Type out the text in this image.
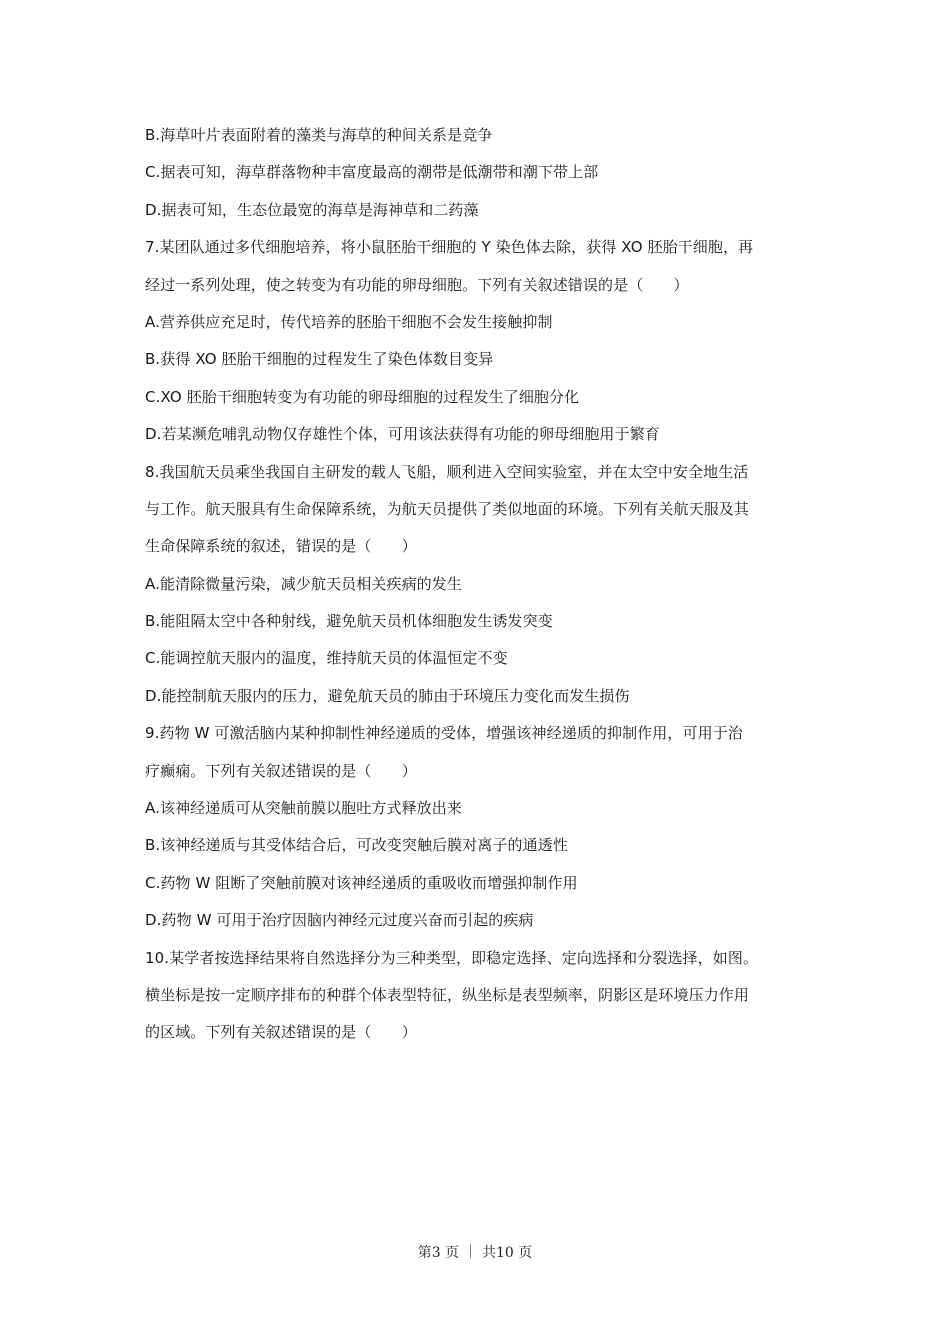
B.海草叶片表面附着的藻类与海草的种间关系是竞争
C.据表可知，海草群落物种丰富度最高的潮带是低潮带和潮下带上部
D.据表可知，生态位最宽的海草是海神草和二药藻
7.某团队通过多代细胞培养，将小鼠胚胎干细胞的 Y 染色体去除，获得 XO 胚胎干细胞，再
经过一系列处理，使之转变为有功能的卵母细胞。下列有关叙述错误的是（　　）
A.营养供应充足时，传代培养的胚胎干细胞不会发生接触抑制
B.获得 XO 胚胎干细胞的过程发生了染色体数目变异
C.XO 胚胎干细胞转变为有功能的卵母细胞的过程发生了细胞分化
D.若某濒危哺乳动物仅存雄性个体，可用该法获得有功能的卵母细胞用于繁育
8.我国航天员乘坐我国自主研发的载人飞船，顺利进入空间实验室，并在太空中安全地生活
与工作。航天服具有生命保障系统，为航天员提供了类似地面的环境。下列有关航天服及其
生命保障系统的叙述，错误的是（　　）
A.能清除微量污染，减少航天员相关疾病的发生
B.能阻隔太空中各种射线，避免航天员机体细胞发生诱发突变
C.能调控航天服内的温度，维持航天员的体温恒定不变
D.能控制航天服内的压力，避免航天员的肺由于环境压力变化而发生损伤
9.药物 W 可激活脑内某种抑制性神经递质的受体，增强该神经递质的抑制作用，可用于治
疗癫痫。下列有关叙述错误的是（　　）
A.该神经递质可从突触前膜以胞吐方式释放出来
B.该神经递质与其受体结合后，可改变突触后膜对离子的通透性
C.药物 W 阻断了突触前膜对该神经递质的重吸收而增强抑制作用
D.药物 W 可用于治疗因脑内神经元过度兴奋而引起的疾病
10.某学者按选择结果将自然选择分为三种类型，即稳定选择、定向选择和分裂选择，如图。
横坐标是按一定顺序排布的种群个体表型特征，纵坐标是表型频率，阴影区是环境压力作用
的区域。下列有关叙述错误的是（　　）
第3 页 ｜ 共10 页
